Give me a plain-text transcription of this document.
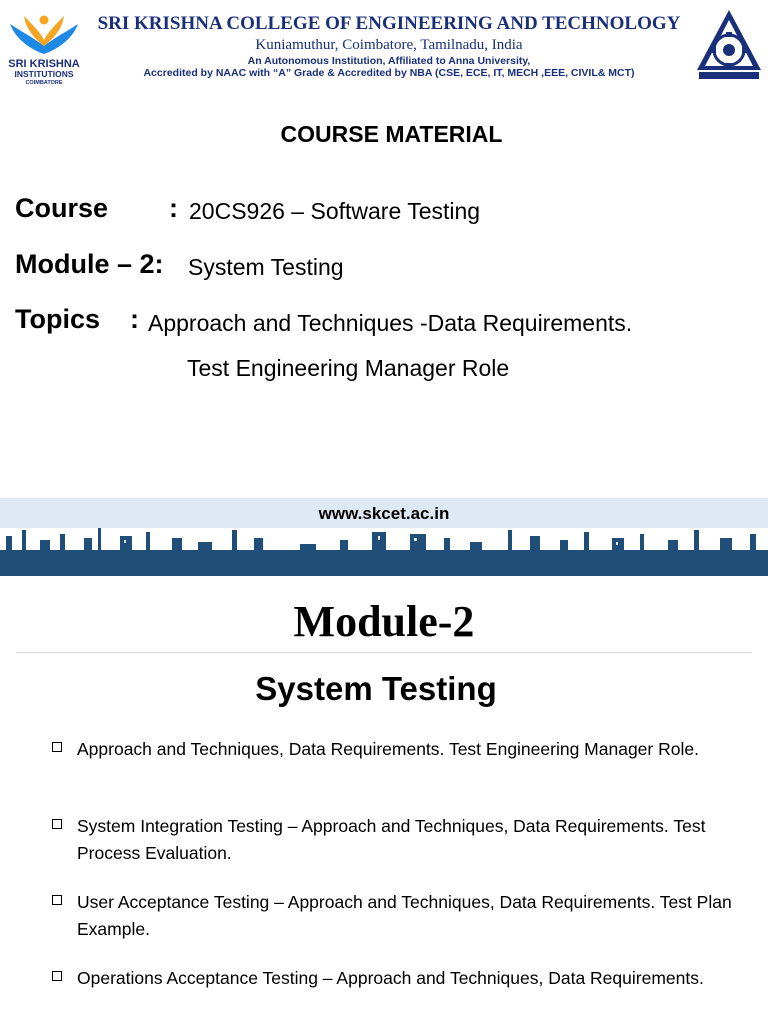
SRI KRISHNA
INSTITUTIONS
COIMBATORE
SRI KRISHNA COLLEGE OF ENGINEERING AND TECHNOLOGY
Kuniamuthur, Coimbatore, Tamilnadu, India
An Autonomous Institution, Affiliated to Anna University,
Accredited by NAAC with “A” Grade & Accredited by NBA (CSE, ECE, IT, MECH ,EEE, CIVIL& MCT)
COURSE MATERIAL
Course : 20CS926 – Software Testing
Module – 2: System Testing
Topics : Approach and Techniques -Data Requirements.
Test Engineering Manager Role
www.skcet.ac.in
Module-2
System Testing
Approach and Techniques, Data Requirements. Test Engineering Manager Role.
System Integration Testing – Approach and Techniques, Data Requirements. Test Process Evaluation.
User Acceptance Testing – Approach and Techniques, Data Requirements. Test Plan Example.
Operations Acceptance Testing – Approach and Techniques, Data Requirements.
